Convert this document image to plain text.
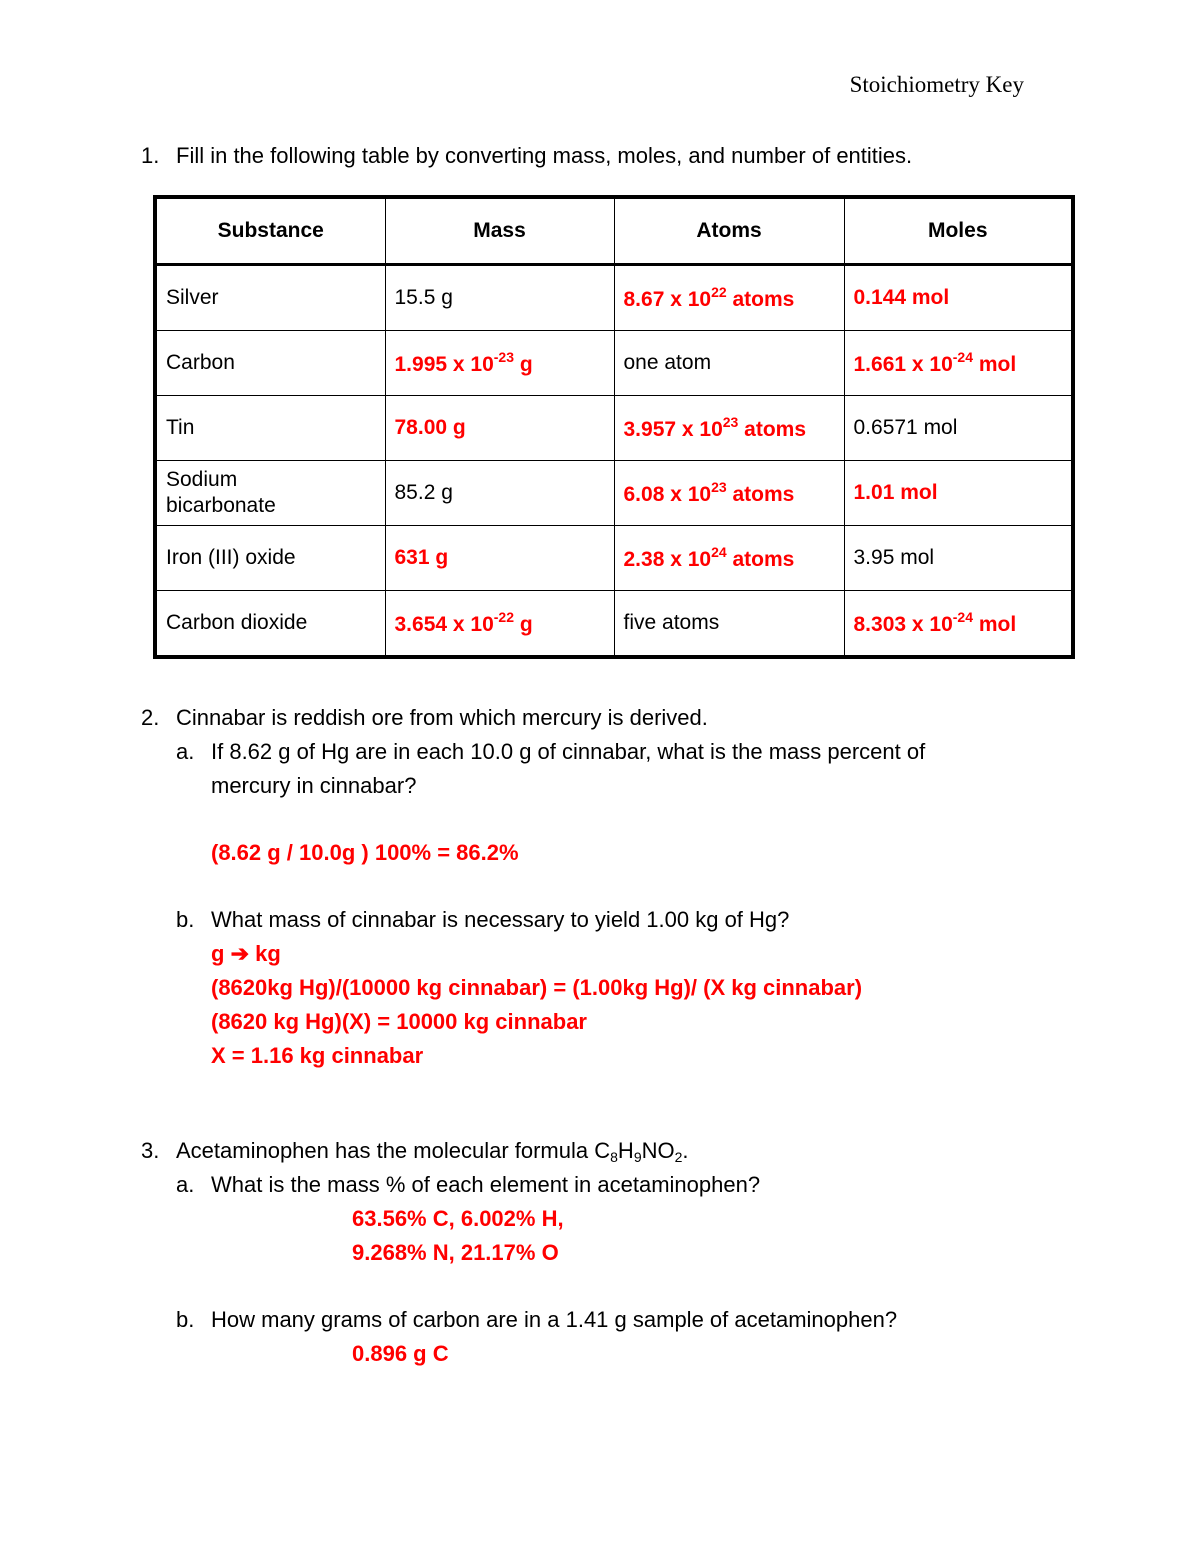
Stoichiometry Key
1. Fill in the following table by converting mass, moles, and number of entities.
Substance	Mass	Atoms	Moles
Silver	15.5 g	8.67 x $10^{22}$ atoms	0.144 mol
Carbon	1.995 x $10^{-23}$ g	one atom	1.661 x $10^{-24}$ mol
Tin	78.00 g	3.957 x $10^{23}$ atoms	0.6571 mol
Sodium
bicarbonate	85.2 g	6.08 x $10^{23}$ atoms	1.01 mol
Iron (III) oxide	631 g	2.38 x $10^{24}$ atoms	3.95 mol
Carbon dioxide	3.654 x $10^{-22}$ g	five atoms	8.303 x $10^{-24}$ mol
2. Cinnabar is reddish ore from which mercury is derived.
a. If 8.62 g of Hg are in each 10.0 g of cinnabar, what is the mass percent of
mercury in cinnabar?
(8.62 g / 10.0g ) 100% = 86.2%
b. What mass of cinnabar is necessary to yield 1.00 kg of Hg?
g ➔ kg
(8620kg Hg)/(10000 kg cinnabar) = (1.00kg Hg)/ (X kg cinnabar)
(8620 kg Hg)(X) = 10000 kg cinnabar
X = 1.16 kg cinnabar
3. Acetaminophen has the molecular formula $C_8H_9NO_2$.
a. What is the mass % of each element in acetaminophen?
63.56% C, 6.002% H,
9.268% N, 21.17% O
b. How many grams of carbon are in a 1.41 g sample of acetaminophen?
0.896 g C
